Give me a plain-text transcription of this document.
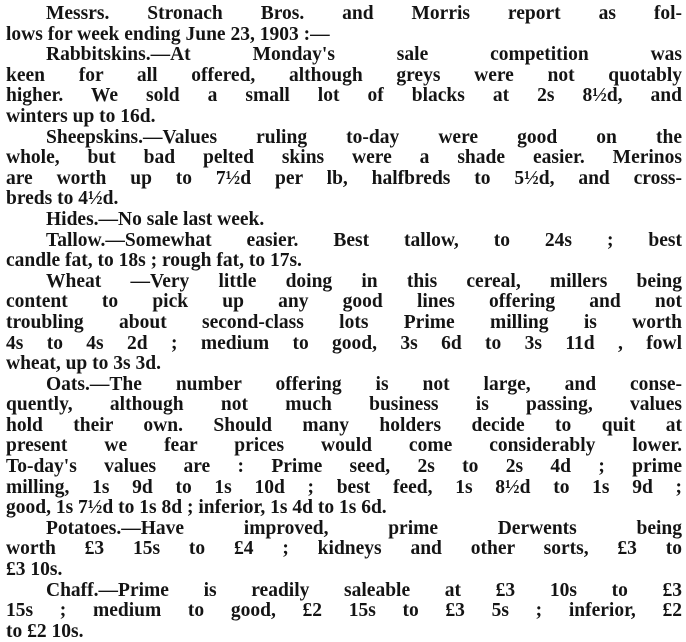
Messrs. Stronach Bros. and Morris report as fol-
lows for week ending June 23, 1903 :—
Rabbitskins.—At Monday's sale competition was
keen for all offered, although greys were not quotably
higher. We sold a small lot of blacks at 2s 8½d, and
winters up to 16d.
Sheepskins.—Values ruling to-day were good on the
whole, but bad pelted skins were a shade easier. Merinos
are worth up to 7½d per lb, halfbreds to 5½d, and cross-
breds to 4½d.
Hides.—No sale last week.
Tallow.—Somewhat easier. Best tallow, to 24s ; best
candle fat, to 18s ; rough fat, to 17s.
Wheat —Very little doing in this cereal, millers being
content to pick up any good lines offering and not
troubling about second-class lots Prime milling is worth
4s to 4s 2d ; medium to good, 3s 6d to 3s 11d , fowl
wheat, up to 3s 3d.
Oats.—The number offering is not large, and conse-
quently, although not much business is passing, values
hold their own. Should many holders decide to quit at
present we fear prices would come considerably lower.
To-day's values are : Prime seed, 2s to 2s 4d ; prime
milling, 1s 9d to 1s 10d ; best feed, 1s 8½d to 1s 9d ;
good, 1s 7½d to 1s 8d ; inferior, 1s 4d to 1s 6d.
Potatoes.—Have improved, prime Derwents being
worth £3 15s to £4 ; kidneys and other sorts, £3 to
£3 10s.
Chaff.—Prime is readily saleable at £3 10s to £3
15s ; medium to good, £2 15s to £3 5s ; inferior, £2
to £2 10s.
